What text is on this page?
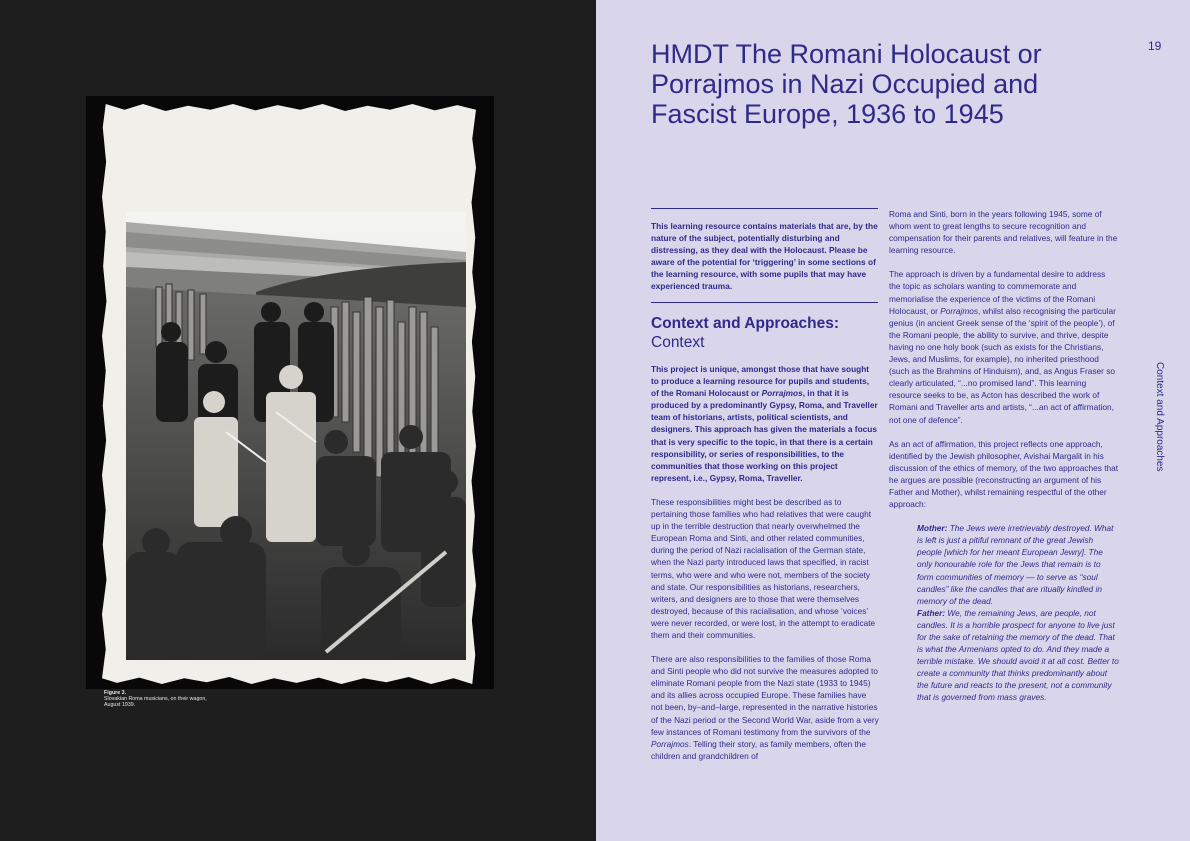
Figure 3.
Slovakian Roma musicians, on their wagon,
August 1939.
19
HMDT The Romani Holocaust or Porrajmos in Nazi Occupied and Fascist Europe, 1936 to 1945
Context and Approaches
This learning resource contains materials that are, by the nature of the subject, potentially disturbing and distressing, as they deal with the Holocaust. Please be aware of the potential for ‘triggering’ in some sections of the learning resource, with some pupils that may have experienced trauma.
Context and Approaches:
Context

This project is unique, amongst those that have sought to produce a learning resource for pupils and students, of the Romani Holocaust or Porrajmos, in that it is produced by a predominantly Gypsy, Roma, and Traveller team of historians, artists, political scientists, and designers. This approach has given the materials a focus that is very specific to the topic, in that there is a certain responsibility, or series of responsibilities, to the communities that those working on this project represent, i.e., Gypsy, Roma, Traveller.

These responsibilities might best be described as to pertaining those families who had relatives that were caught up in the terrible destruction that nearly overwhelmed the European Roma and Sinti, and other related communities, during the period of Nazi racialisation of the German state, when the Nazi party introduced laws that specified, in racist terms, who were and who were not, members of the society and state. Our responsibilities as historians, researchers, writers, and designers are to those that were themselves destroyed, because of this racialisation, and whose ‘voices’ were never recorded, or were lost, in the attempt to eradicate them and their communities.

There are also responsibilities to the families of those Roma and Sinti people who did not survive the measures adopted to eliminate Romani people from the Nazi state (1933 to 1945) and its allies across occupied Europe. These families have not been, by–and–large, represented in the narrative histories of the Nazi period or the Second World War, aside from a very few instances of Romani testimony from the survivors of the Porrajmos. Telling their story, as family members, often the children and grandchildren of

Roma and Sinti, born in the years following 1945, some of whom went to great lengths to secure recognition and compensation for their parents and relatives, will feature in the learning resource.

The approach is driven by a fundamental desire to address the topic as scholars wanting to commemorate and memorialise the experience of the victims of the Romani Holocaust, or Porrajmos, whilst also recognising the particular genius (in ancient Greek sense of the ‘spirit of the people’), of the Romani people, the ability to survive, and thrive, despite having no one holy book (such as exists for the Christians, Jews, and Muslims, for example), no inherited priesthood (such as the Brahmins of Hinduism), and, as Angus Fraser so clearly articulated, “...no promised land”. This learning resource seeks to be, as Acton has described the work of Romani and Traveller arts and artists, “...an act of affirmation, not one of defence”.

As an act of affirmation, this project reflects one approach, identified by the Jewish philosopher, Avishai Margalit in his discussion of the ethics of memory, of the two approaches that he argues are possible (reconstructing an argument of his Father and Mother), whilst remaining respectful of the other approach:

Mother: The Jews were irretrievably destroyed. What is left is just a pitiful remnant of the great Jewish people [which for her meant European Jewry]. The only honourable role for the Jews that remain is to form communities of memory — to serve as “soul candles” like the candles that are ritually kindled in memory of the dead.
Father: We, the remaining Jews, are people, not candles. It is a horrible prospect for anyone to live just for the sake of retaining the memory of the dead. That is what the Armenians opted to do. And they made a terrible mistake. We should avoid it at all cost. Better to create a community that thinks predominantly about the future and reacts to the present, not a community that is governed from mass graves.
